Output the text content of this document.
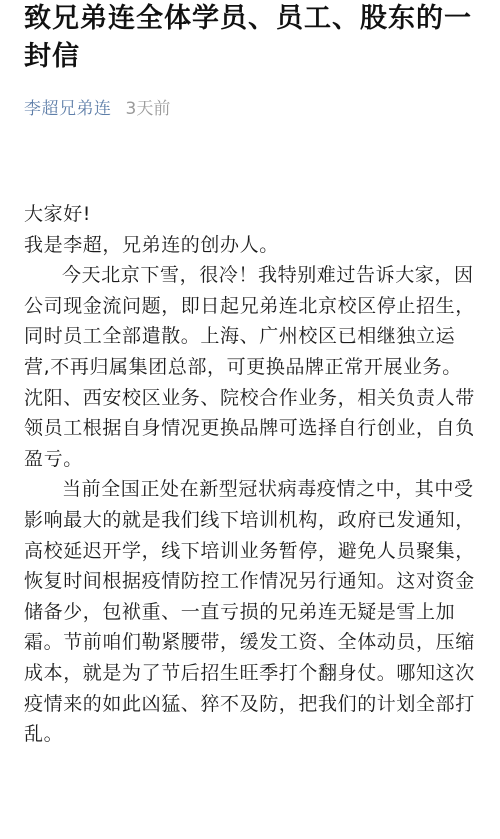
致兄弟连全体学员、员工、股东的一封信
李超兄弟连 3天前

大家好!

我是李超，兄弟连的创办人。

今天北京下雪，很冷！我特别难过告诉大家，因公司现金流问题，即日起兄弟连北京校区停止招生，同时员工全部遣散。上海、广州校区已相继独立运营,不再归属集团总部，可更换品牌正常开展业务。沈阳、西安校区业务、院校合作业务，相关负责人带领员工根据自身情况更换品牌可选择自行创业，自负盈亏。

当前全国正处在新型冠状病毒疫情之中，其中受影响最大的就是我们线下培训机构，政府已发通知，高校延迟开学，线下培训业务暂停，避免人员聚集，恢复时间根据疫情防控工作情况另行通知。这对资金储备少，包袱重、一直亏损的兄弟连无疑是雪上加霜。节前咱们勒紧腰带，缓发工资、全体动员，压缩成本，就是为了节后招生旺季打个翻身仗。哪知这次疫情来的如此凶猛、猝不及防，把我们的计划全部打乱。
